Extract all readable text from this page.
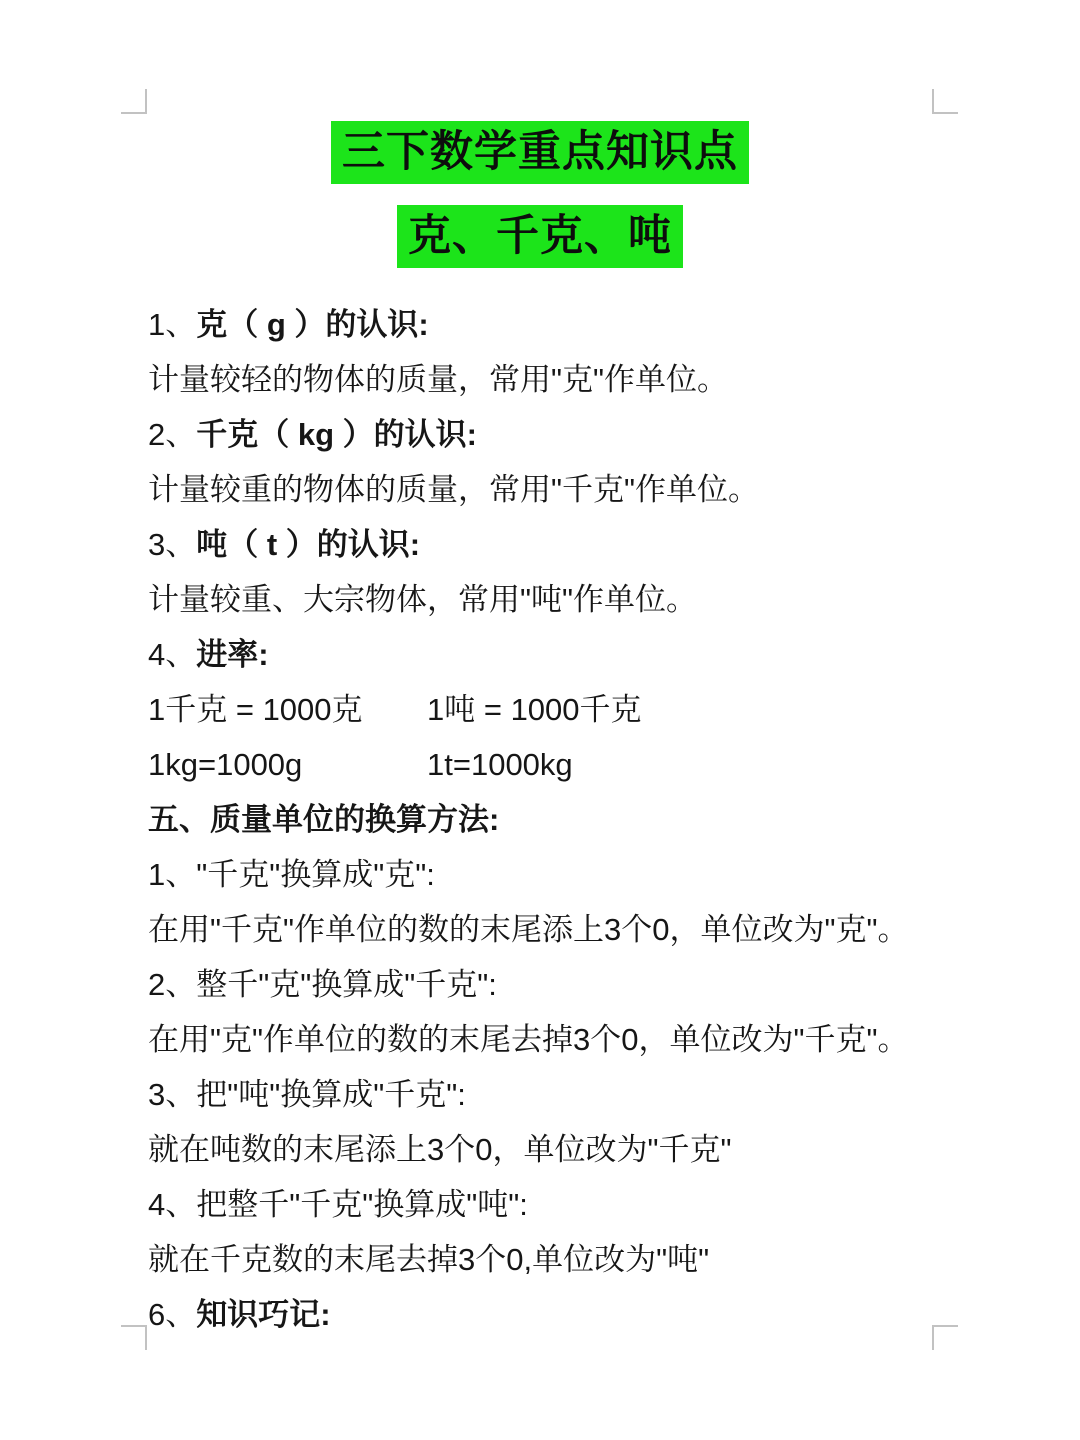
三下数学重点知识点
克、千克、吨
1、克（ g ）的认识:
计量较轻的物体的质量，常用"克"作单位。
2、千克（ kg ）的认识:
计量较重的物体的质量，常用"千克"作单位。
3、吨（ t ）的认识:
计量较重、大宗物体，常用"吨"作单位。
4、进率:
1千克 = 1000克 1吨 = 1000千克
1kg=1000g	1t=1000kg
五、质量单位的换算方法:
1、"千克"换算成"克":
在用"千克"作单位的数的末尾添上3个0，单位改为"克"。
2、整千"克"换算成"千克":
在用"克"作单位的数的末尾去掉3个0，单位改为"千克"。
3、把"吨"换算成"千克":
就在吨数的末尾添上3个0，单位改为"千克"
4、把整千"千克"换算成"吨":
就在千克数的末尾去掉3个0,单位改为"吨"
6、知识巧记:
